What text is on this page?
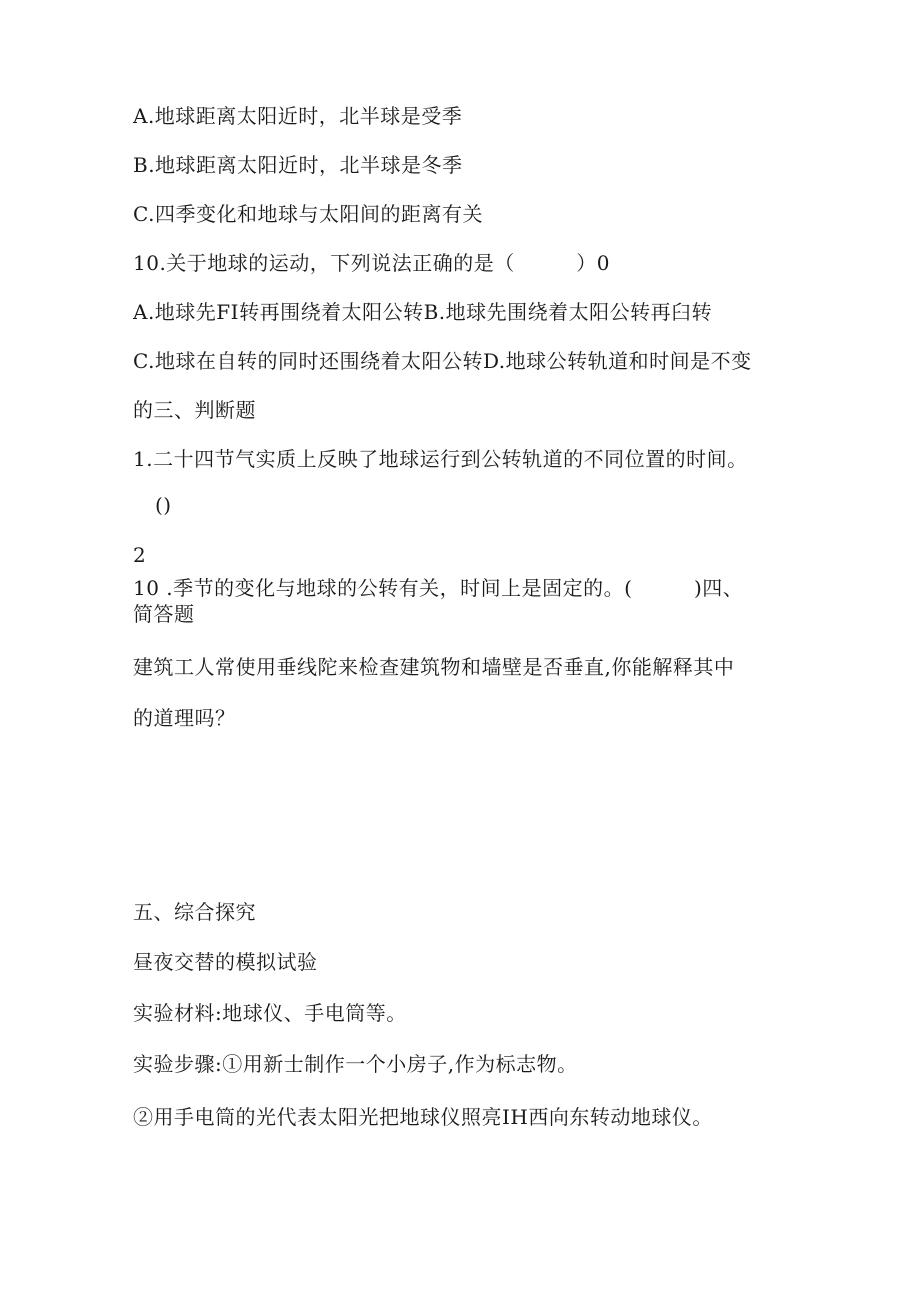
A.地球距离太阳近时，北半球是受季
B.地球距离太阳近时，北半球是冬季
C.四季变化和地球与太阳间的距离有关
10.关于地球的运动，下列说法正确的是（　　　）0
A.地球先FI转再围绕着太阳公转B.地球先围绕着太阳公转再臼转
C.地球在自转的同时还围绕着太阳公转D.地球公转轨道和时间是不变
的三、判断题
1.二十四节气实质上反映了地球运行到公转轨道的不同位置的时间。
()
2
10 .季节的变化与地球的公转有关，时间上是固定的。(　　　)四、
简答题
建筑工人常使用垂线陀来检查建筑物和墙壁是否垂直,你能解释其中
的道理吗？
五、综合探究
昼夜交替的模拟试验
实验材料:地球仪、手电筒等。
实验步骤:①用新士制作一个小房子,作为标志物。
②用手电筒的光代表太阳光把地球仪照亮IH西向东转动地球仪。
